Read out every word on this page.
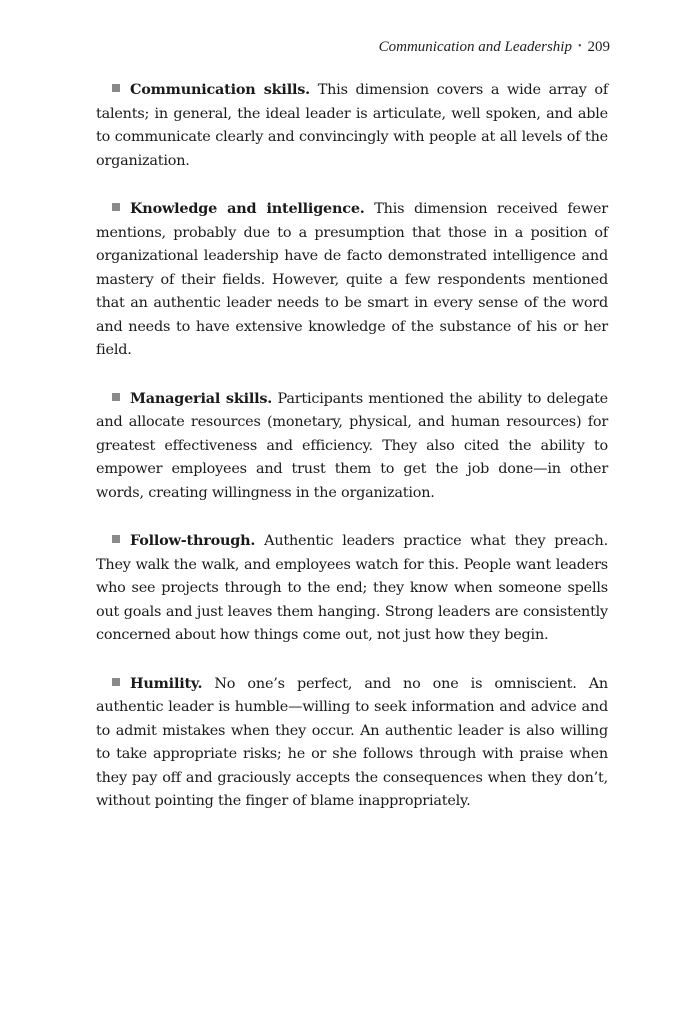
Communication and Leadership • 209

Communication skills. This dimension covers a wide array of talents; in general, the ideal leader is articulate, well spoken, and able to communicate clearly and convincingly with people at all levels of the organization.

Knowledge and intelligence. This dimension received fewer mentions, probably due to a presumption that those in a position of organizational leadership have de facto demonstrated intelligence and mastery of their fields. However, quite a few respondents mentioned that an authentic leader needs to be smart in every sense of the word and needs to have extensive knowledge of the substance of his or her field.

Managerial skills. Participants mentioned the ability to delegate and allocate resources (monetary, physical, and human resources) for greatest effectiveness and efficiency. They also cited the ability to empower employees and trust them to get the job done—in other words, creating willingness in the organization.

Follow-through. Authentic leaders practice what they preach. They walk the walk, and employees watch for this. People want leaders who see projects through to the end; they know when someone spells out goals and just leaves them hanging. Strong leaders are consistently concerned about how things come out, not just how they begin.

Humility. No one’s perfect, and no one is omniscient. An authentic leader is humble—willing to seek information and advice and to admit mistakes when they occur. An authentic leader is also willing to take appropriate risks; he or she follows through with praise when they pay off and graciously accepts the consequences when they don’t, without pointing the finger of blame inappropriately.
